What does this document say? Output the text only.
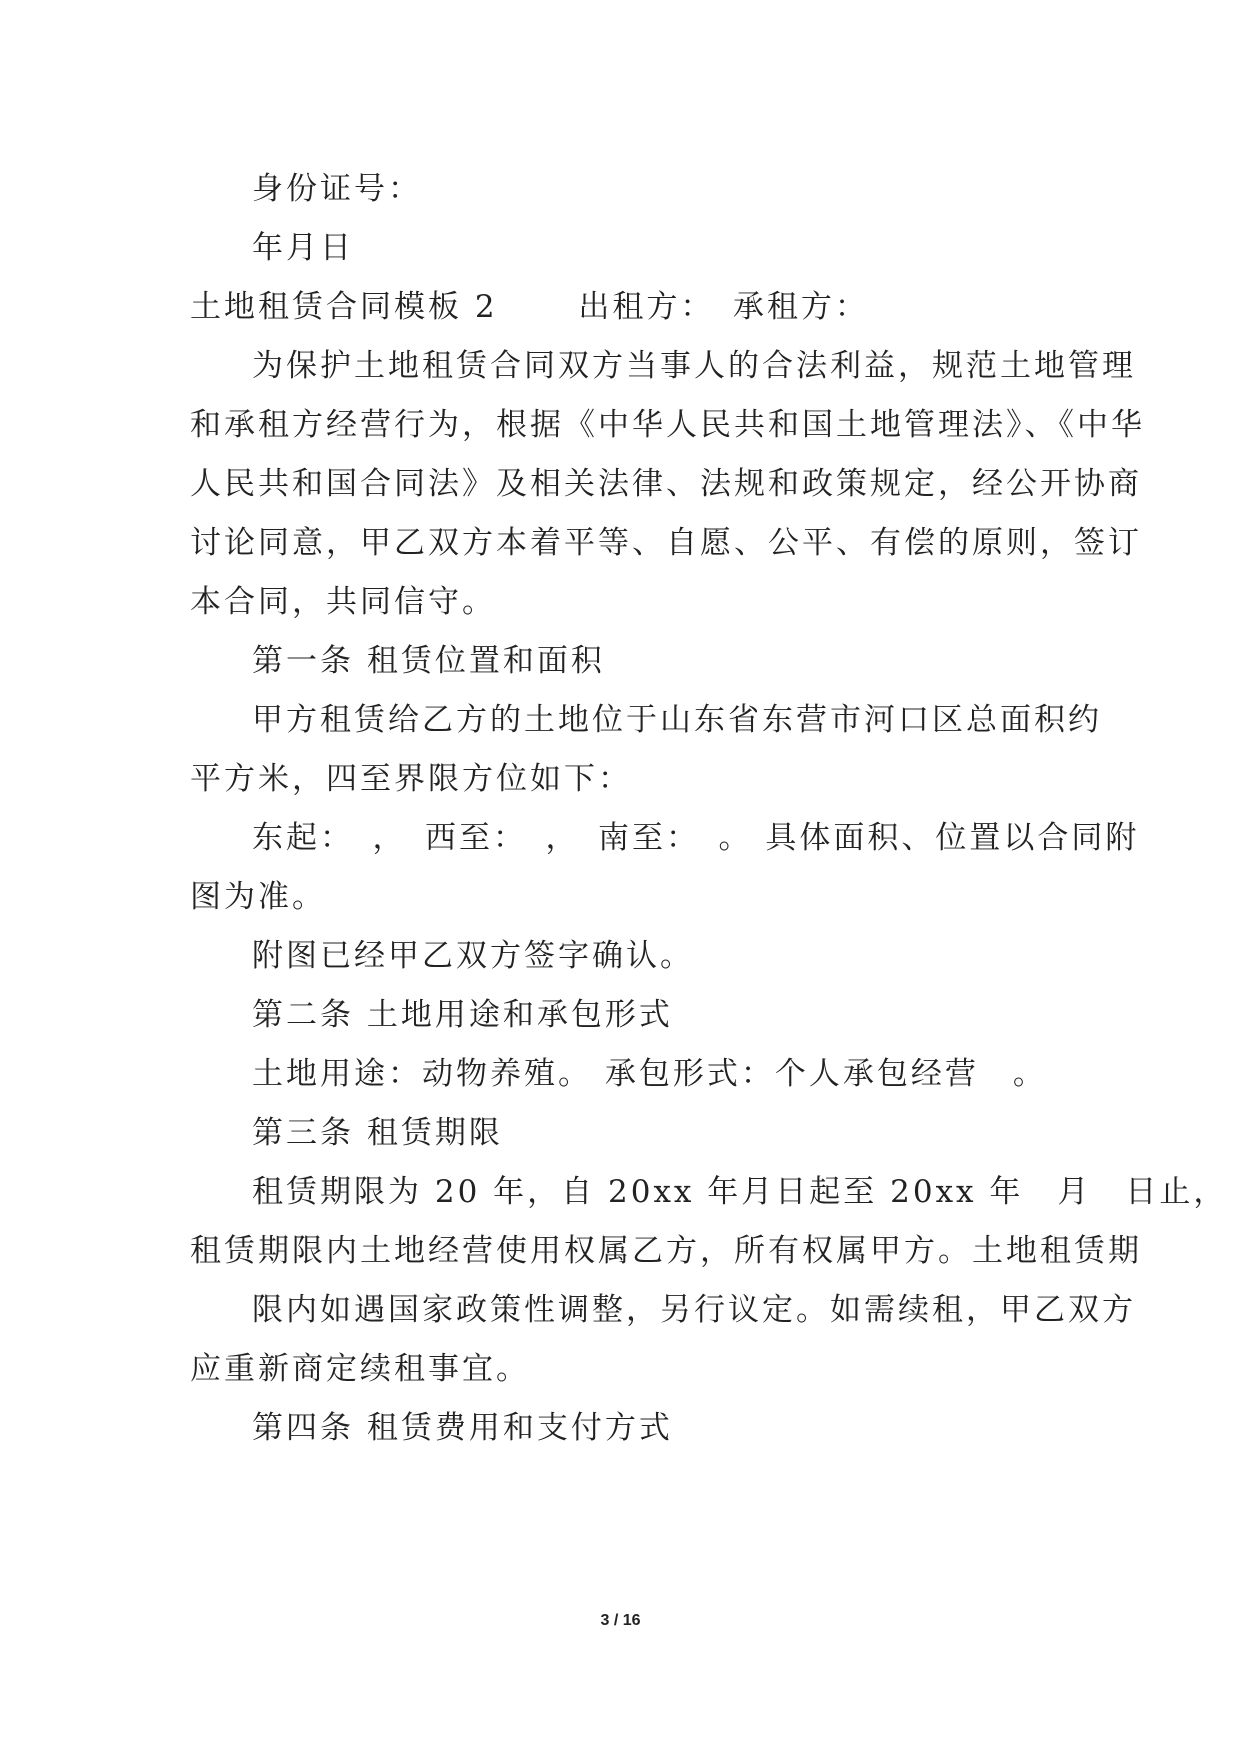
身份证号：
年月日
土地租赁合同模板 2　　 出租方：　承租方：
为保护土地租赁合同双方当事人的合法利益，规范土地管理
和承租方经营行为，根据《中华人民共和国土地管理法》、《中华
人民共和国合同法》及相关法律、法规和政策规定，经公开协商
讨论同意，甲乙双方本着平等、自愿、公平、有偿的原则，签订
本合同，共同信守。
第一条 租赁位置和面积
甲方租赁给乙方的土地位于山东省东营市河口区总面积约
平方米，四至界限方位如下：
东起：　，　西至：　，　南至：　。 具体面积、位置以合同附
图为准。
附图已经甲乙双方签字确认。
第二条 土地用途和承包形式
土地用途：动物养殖。 承包形式：个人承包经营　。
第三条 租赁期限
租赁期限为 20 年，自 20xx 年月日起至 20xx 年　月　日止，
租赁期限内土地经营使用权属乙方，所有权属甲方。土地租赁期
限内如遇国家政策性调整，另行议定。如需续租，甲乙双方
应重新商定续租事宜。
第四条 租赁费用和支付方式
3 / 16
